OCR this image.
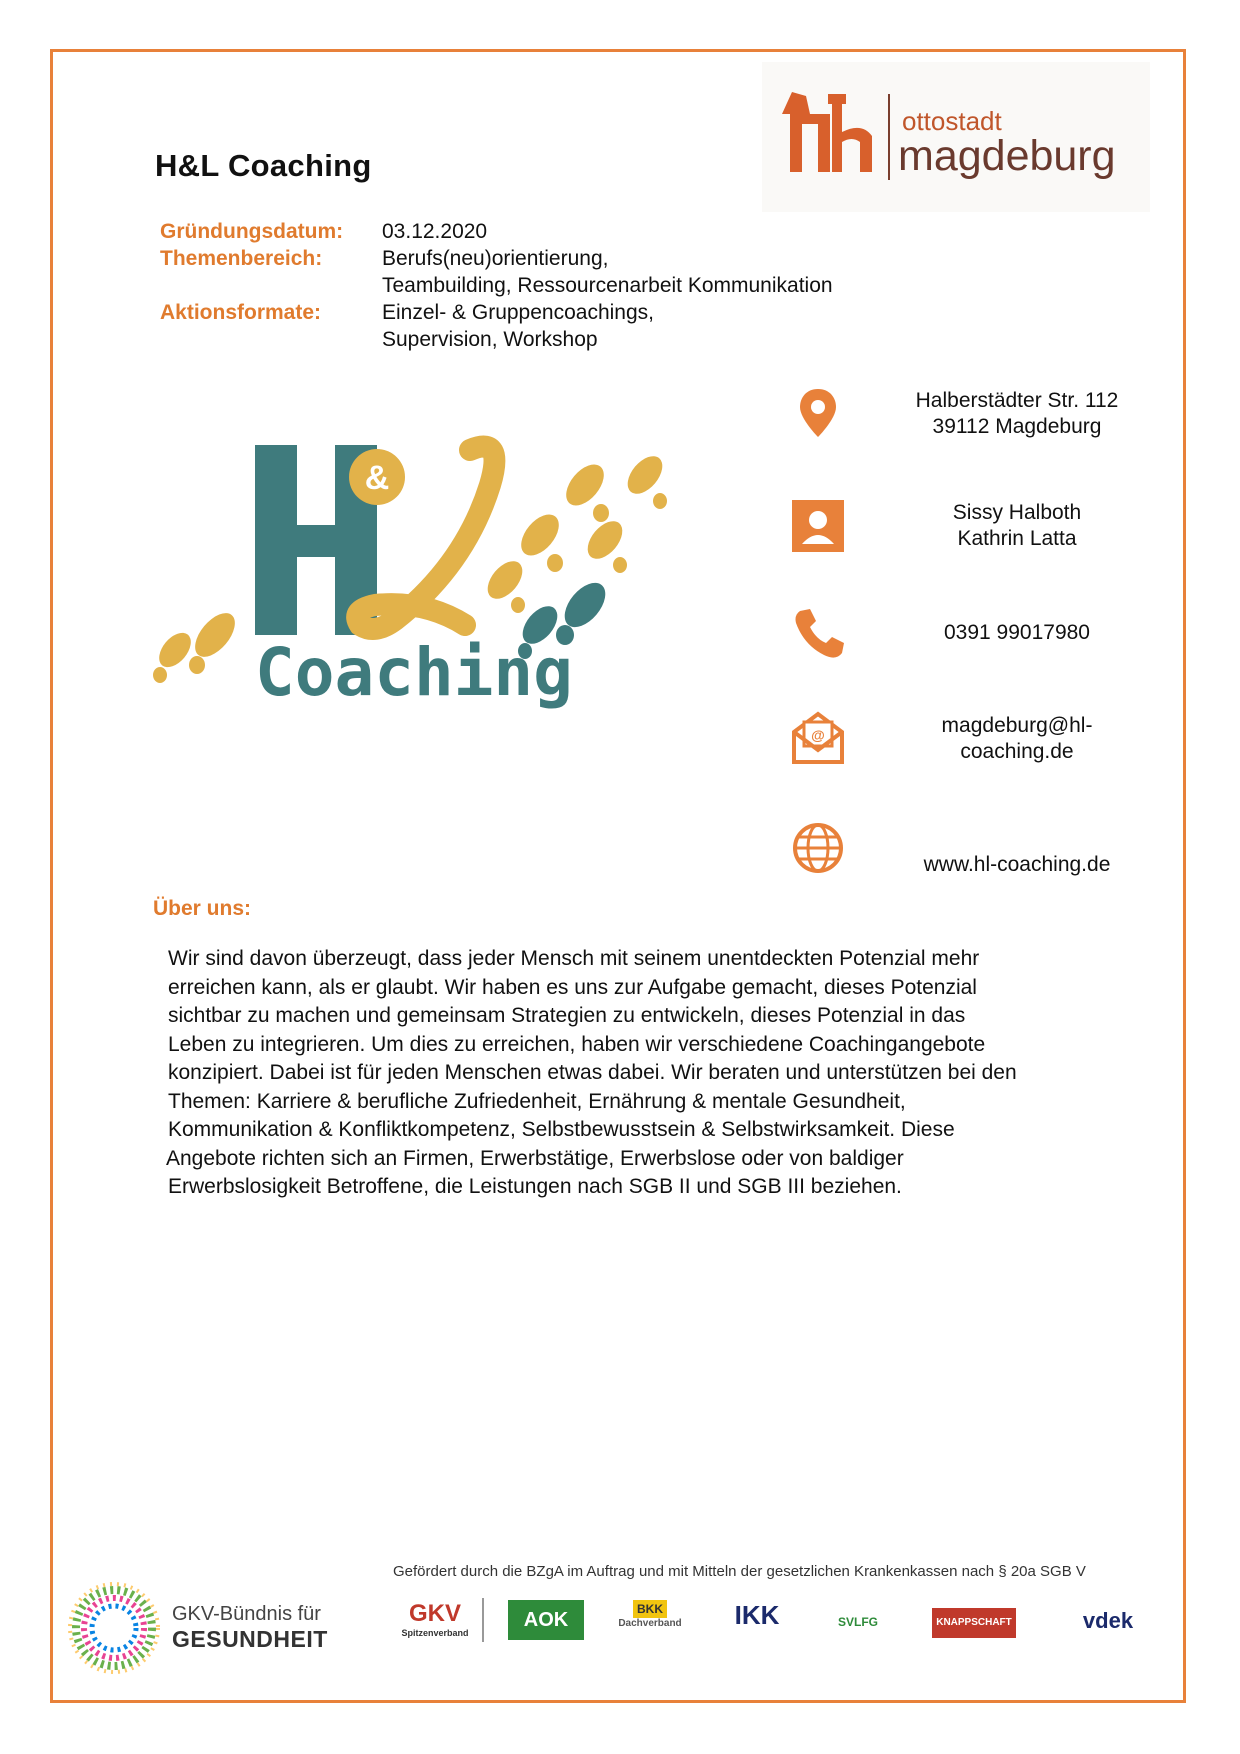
H&L Coaching
ottostadt
magdeburg
Gründungsdatum:	03.12.2020
Themenbereich:	Berufs(neu)orientierung,
Teambuilding, Ressourcenarbeit Kommunikation
Aktionsformate:	Einzel- & Gruppencoachings,
Supervision, Workshop
&
Coaching
@
Halberstädter Str. 112
39112 Magdeburg
Sissy Halboth
Kathrin Latta
0391 99017980
magdeburg@hl-
coaching.de
www.hl-coaching.de
Über uns:
Wir sind davon überzeugt, dass jeder Mensch mit seinem unentdeckten Potenzial mehr
erreichen kann, als er glaubt. Wir haben es uns zur Aufgabe gemacht, dieses Potenzial
sichtbar zu machen und gemeinsam Strategien zu entwickeln, dieses Potenzial in das
Leben zu integrieren. Um dies zu erreichen, haben wir verschiedene Coachingangebote
konzipiert. Dabei ist für jeden Menschen etwas dabei. Wir beraten und unterstützen bei den
Themen: Karriere & berufliche Zufriedenheit, Ernährung & mentale Gesundheit,
Kommunikation & Konfliktkompetenz, Selbstbewusstsein & Selbstwirksamkeit. Diese
Angebote richten sich an Firmen, Erwerbstätige, Erwerbslose oder von baldiger
Erwerbslosigkeit Betroffene, die Leistungen nach SGB II und SGB III beziehen.
Gefördert durch die BZgA im Auftrag und mit Mitteln der gesetzlichen Krankenkassen nach § 20a SGB V
GKV-Bündnis für
GESUNDHEIT
GKV
Spitzenverband
AOK	BKK
Dachverband	IKK	SVLFG	KNAPPSCHAFT	vdek
